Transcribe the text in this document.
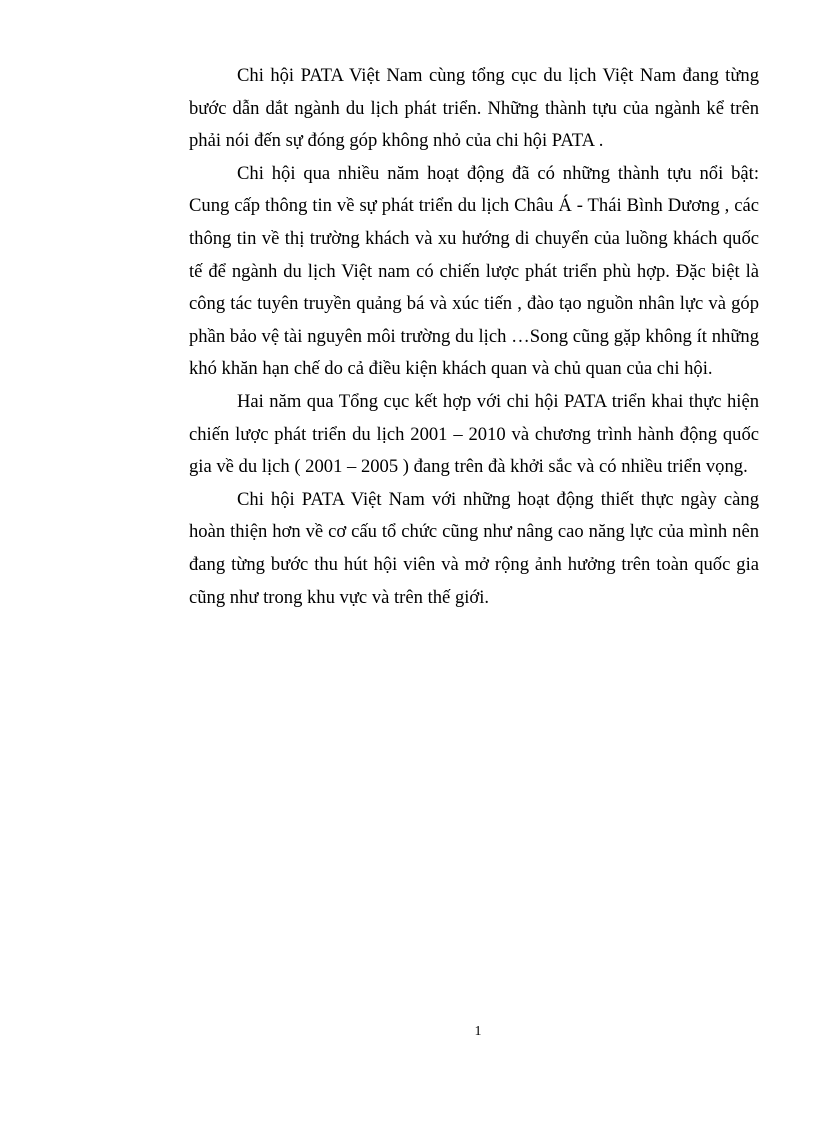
Chi hội PATA Việt Nam cùng tổng cục du lịch Việt Nam đang từng bước dẫn dắt ngành du lịch phát triển. Những thành tựu của ngành kể trên phải nói đến sự đóng góp không nhỏ của chi hội PATA .

Chi hội qua nhiều năm hoạt động đã có những thành tựu nổi bật: Cung cấp thông tin về sự phát triển du lịch Châu Á - Thái Bình Dương , các thông tin về thị trường khách và xu hướng di chuyển của luồng khách quốc tế để ngành du lịch Việt nam có chiến lược phát triển phù hợp. Đặc biệt là công tác tuyên truyền quảng bá và xúc tiến , đào tạo nguồn nhân lực và góp phần bảo vệ tài nguyên môi trường du lịch …Song cũng gặp không ít những khó khăn hạn chế do cả điều kiện khách quan và chủ quan của chi hội.

Hai năm qua Tổng cục kết hợp với chi hội PATA triển khai thực hiện chiến lược phát triển du lịch 2001 – 2010 và chương trình hành động quốc gia về du lịch ( 2001 – 2005 ) đang trên đà khởi sắc và có nhiều triển vọng.

Chi hội PATA Việt Nam với những hoạt động thiết thực ngày càng hoàn thiện hơn về cơ cấu tổ chức cũng như nâng cao năng lực của mình nên đang từng bước thu hút hội viên và mở rộng ảnh hưởng trên toàn quốc gia cũng như trong khu vực và trên thế giới.

1
